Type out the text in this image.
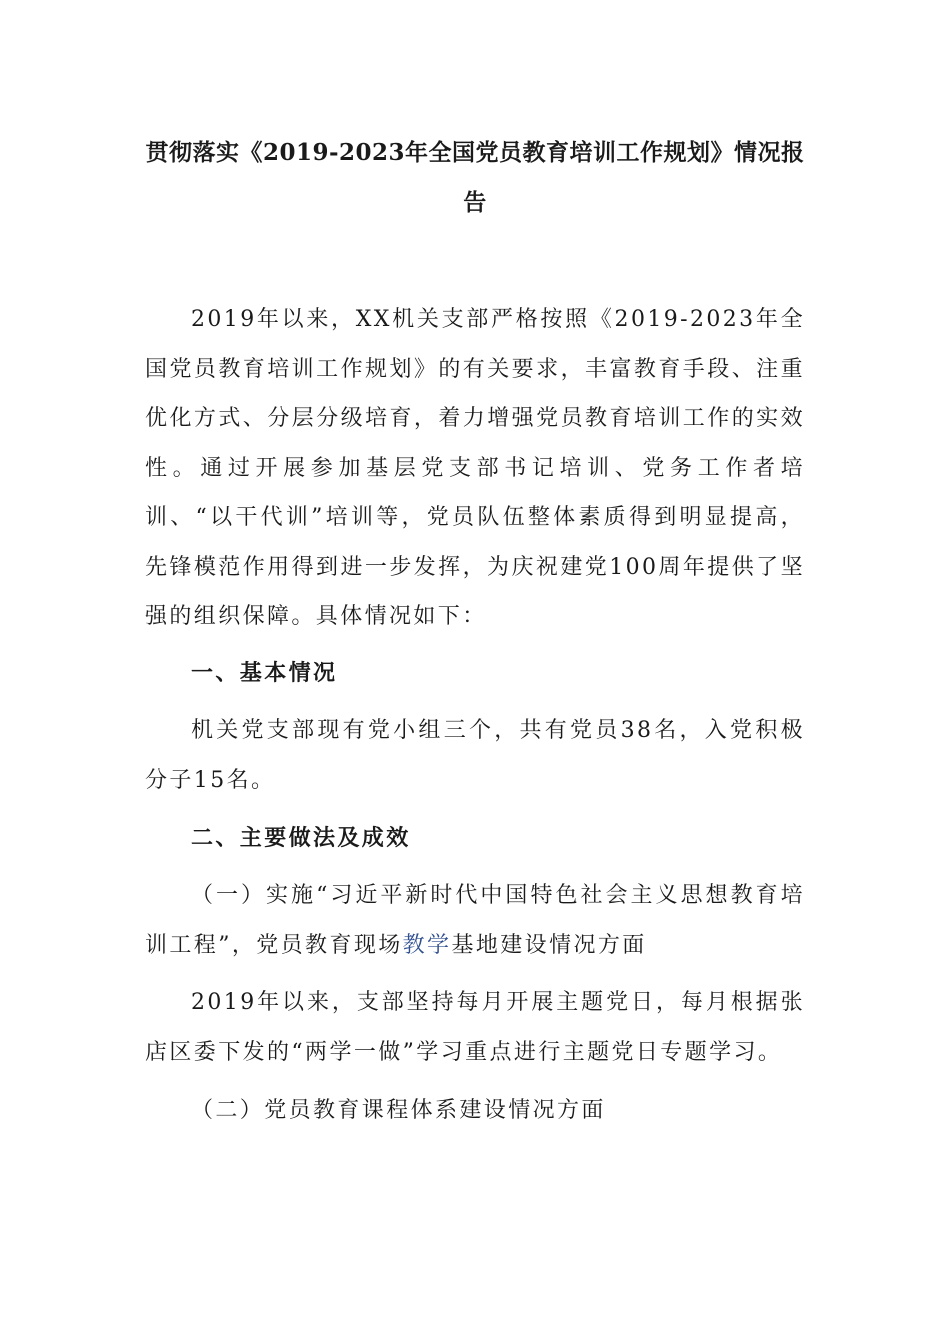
贯彻落实《2019-2023年全国党员教育培训工作规划》情况报告
2019年以来，XX机关支部严格按照《2019-2023年全国党员教育培训工作规划》的有关要求，丰富教育手段、注重优化方式、分层分级培育，着力增强党员教育培训工作的实效性。通过开展参加基层党支部书记培训、党务工作者培训、“以干代训”培训等，党员队伍整体素质得到明显提高，先锋模范作用得到进一步发挥，为庆祝建党100周年提供了坚强的组织保障。具体情况如下：
一、基本情况
机关党支部现有党小组三个，共有党员38名，入党积极分子15名。
二、主要做法及成效
（一）实施“习近平新时代中国特色社会主义思想教育培训工程”，党员教育现场教学基地建设情况方面
2019年以来，支部坚持每月开展主题党日，每月根据张店区委下发的“两学一做”学习重点进行主题党日专题学习。
（二）党员教育课程体系建设情况方面
